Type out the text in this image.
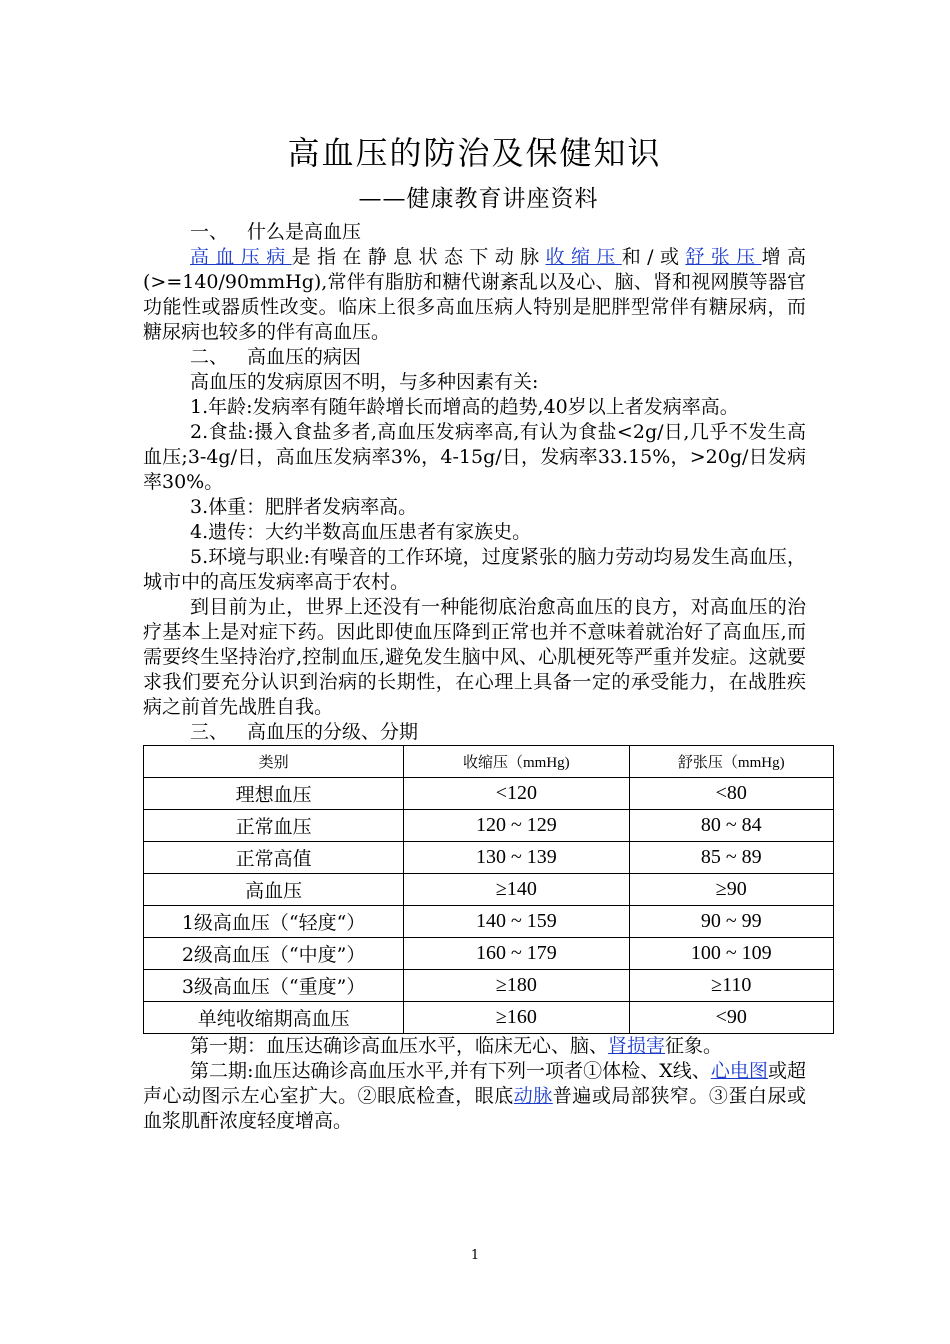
高血压的防治及保健知识
——健康教育讲座资料

一、 什么是高血压

高血压病是指在静息状态下动脉收缩压和/或舒张压增高(>=140/90mmHg),常伴有脂肪和糖代谢紊乱以及心、脑、肾和视网膜等器官功能性或器质性改变。临床上很多高血压病人特别是肥胖型常伴有糖尿病，而糖尿病也较多的伴有高血压。

二、 高血压的病因

高血压的发病原因不明，与多种因素有关:

1.年龄:发病率有随年龄增长而增高的趋势,40岁以上者发病率高。

2.食盐:摄入食盐多者,高血压发病率高,有认为食盐<2g/日,几乎不发生高血压;3-4g/日，高血压发病率3%，4-15g/日，发病率33.15%，>20g/日发病率30%。

3.体重：肥胖者发病率高。

4.遗传：大约半数高血压患者有家族史。

5.环境与职业:有噪音的工作环境，过度紧张的脑力劳动均易发生高血压，城市中的高压发病率高于农村。

到目前为止，世界上还没有一种能彻底治愈高血压的良方，对高血压的治疗基本上是对症下药。因此即使血压降到正常也并不意味着就治好了高血压,而需要终生坚持治疗,控制血压,避免发生脑中风、心肌梗死等严重并发症。这就要求我们要充分认识到治病的长期性，在心理上具备一定的承受能力，在战胜疾病之前首先战胜自我。

三、 高血压的分级、分期

类别	收缩压（mmHg)	舒张压（mmHg)
理想血压	<120	<80
正常血压	120 ~ 129	80 ~ 84
正常高值	130 ~ 139	85 ~ 89
高血压	≥140	≥90
1级高血压（“轻度“）	140 ~ 159	90 ~ 99
2级高血压（“中度”）	160 ~ 179	100 ~ 109
3级高血压（“重度”）	≥180	≥110
单纯收缩期高血压	≥160	<90

第一期：血压达确诊高血压水平，临床无心、脑、肾损害征象。

第二期:血压达确诊高血压水平,并有下列一项者①体检、X线、心电图或超声心动图示左心室扩大。②眼底检查，眼底动脉普遍或局部狭窄。③蛋白尿或血浆肌酐浓度轻度增高。

1
